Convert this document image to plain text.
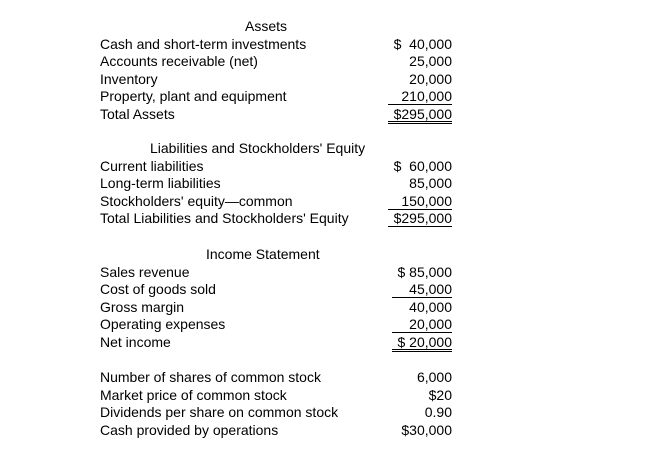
Assets
Cash and short-term investments	$  40,000
Accounts receivable (net)	25,000
Inventory	20,000
Property, plant and equipment	210,000
Total Assets	$295,000
Liabilities and Stockholders' Equity
Current liabilities	$  60,000
Long-term liabilities	85,000
Stockholders' equity—common	150,000
Total Liabilities and Stockholders' Equity	$295,000
Income Statement
Sales revenue	$ 85,000
Cost of goods sold	45,000
Gross margin	40,000
Operating expenses	20,000
Net income	$ 20,000
Number of shares of common stock	6,000
Market price of common stock	$20
Dividends per share on common stock	0.90
Cash provided by operations	$30,000
